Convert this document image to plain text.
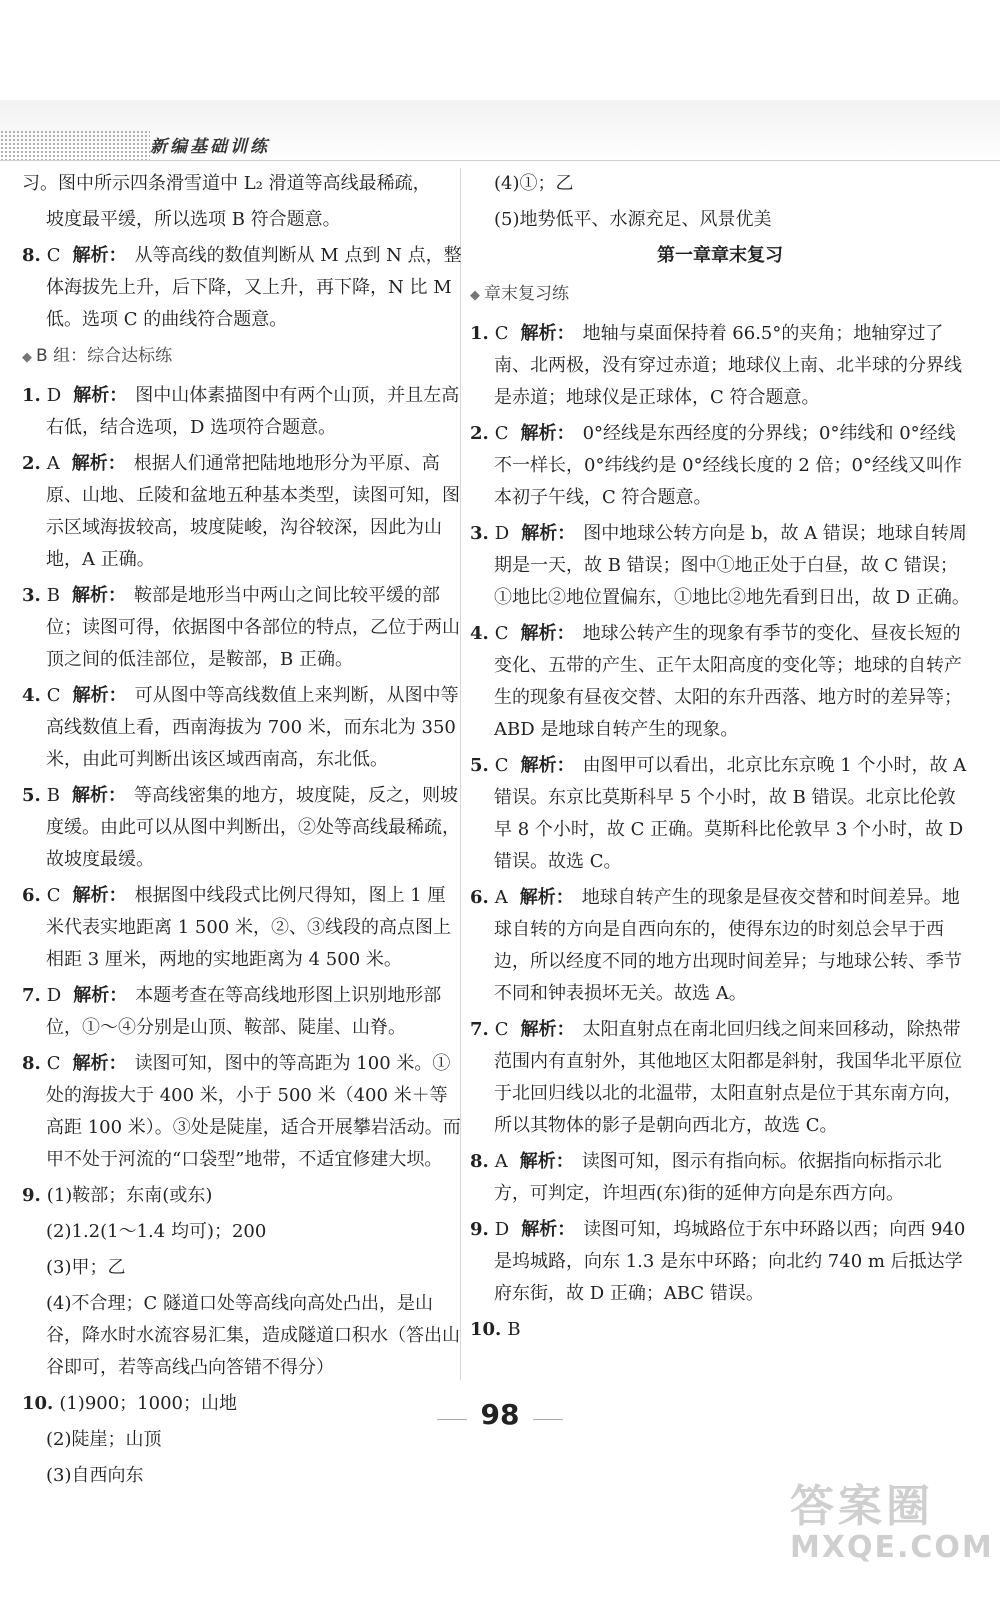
新编基础训练
习。图中所示四条滑雪道中 L₂ 滑道等高线最稀疏，
坡度最平缓，所以选项 B 符合题意。
8. C 解析： 从等高线的数值判断从 M 点到 N 点，整体海拔先上升，后下降，又上升，再下降，N 比 M 低。选项 C 的曲线符合题意。
◆ B 组：综合达标练
1. D 解析： 图中山体素描图中有两个山顶，并且左高右低，结合选项，D 选项符合题意。
2. A 解析： 根据人们通常把陆地地形分为平原、高原、山地、丘陵和盆地五种基本类型，读图可知，图示区域海拔较高，坡度陡峻，沟谷较深，因此为山地，A 正确。
3. B 解析： 鞍部是地形当中两山之间比较平缓的部位；读图可得，依据图中各部位的特点，乙位于两山顶之间的低洼部位，是鞍部，B 正确。
4. C 解析： 可从图中等高线数值上来判断，从图中等高线数值上看，西南海拔为 700 米，而东北为 350 米，由此可判断出该区域西南高，东北低。
5. B 解析： 等高线密集的地方，坡度陡，反之，则坡度缓。由此可以从图中判断出，②处等高线最稀疏，故坡度最缓。
6. C 解析： 根据图中线段式比例尺得知，图上 1 厘米代表实地距离 1 500 米，②、③线段的高点图上相距 3 厘米，两地的实地距离为 4 500 米。
7. D 解析： 本题考查在等高线地形图上识别地形部位，①～④分别是山顶、鞍部、陡崖、山脊。
8. C 解析： 读图可知，图中的等高距为 100 米。①处的海拔大于 400 米，小于 500 米（400 米＋等高距 100 米）。③处是陡崖，适合开展攀岩活动。而甲不处于河流的“口袋型”地带，不适宜修建大坝。
9. (1)鞍部；东南(或东)
(2)1.2(1～1.4 均可)；200
(3)甲；乙
(4)不合理；C 隧道口处等高线向高处凸出，是山谷，降水时水流容易汇集，造成隧道口积水（答出山谷即可，若等高线凸向答错不得分）
10. (1)900；1000；山地
(2)陡崖；山顶
(3)自西向东
(4)①；乙
(5)地势低平、水源充足、风景优美
第一章章末复习
◆ 章末复习练
1. C 解析： 地轴与桌面保持着 66.5°的夹角；地轴穿过了南、北两极，没有穿过赤道；地球仪上南、北半球的分界线是赤道；地球仪是正球体，C 符合题意。
2. C 解析： 0°经线是东西经度的分界线；0°纬线和 0°经线不一样长，0°纬线约是 0°经线长度的 2 倍；0°经线又叫作本初子午线，C 符合题意。
3. D 解析： 图中地球公转方向是 b，故 A 错误；地球自转周期是一天，故 B 错误；图中①地正处于白昼，故 C 错误；①地比②地位置偏东，①地比②地先看到日出，故 D 正确。
4. C 解析： 地球公转产生的现象有季节的变化、昼夜长短的变化、五带的产生、正午太阳高度的变化等；地球的自转产生的现象有昼夜交替、太阳的东升西落、地方时的差异等；ABD 是地球自转产生的现象。
5. C 解析： 由图甲可以看出，北京比东京晚 1 个小时，故 A 错误。东京比莫斯科早 5 个小时，故 B 错误。北京比伦敦早 8 个小时，故 C 正确。莫斯科比伦敦早 3 个小时，故 D 错误。故选 C。
6. A 解析： 地球自转产生的现象是昼夜交替和时间差异。地球自转的方向是自西向东的，使得东边的时刻总会早于西边，所以经度不同的地方出现时间差异；与地球公转、季节不同和钟表损坏无关。故选 A。
7. C 解析： 太阳直射点在南北回归线之间来回移动，除热带范围内有直射外，其他地区太阳都是斜射，我国华北平原位于北回归线以北的北温带，太阳直射点是位于其东南方向，所以其物体的影子是朝向西北方，故选 C。
8. A 解析： 读图可知，图示有指向标。依据指向标指示北方，可判定，许坦西(东)街的延伸方向是东西方向。
9. D 解析： 读图可知，坞城路位于东中环路以西；向西 940 是坞城路，向东 1.3 是东中环路；向北约 740 m 后抵达学府东街，故 D 正确；ABC 错误。
10. B
98
答案圈
MXQE.COM
